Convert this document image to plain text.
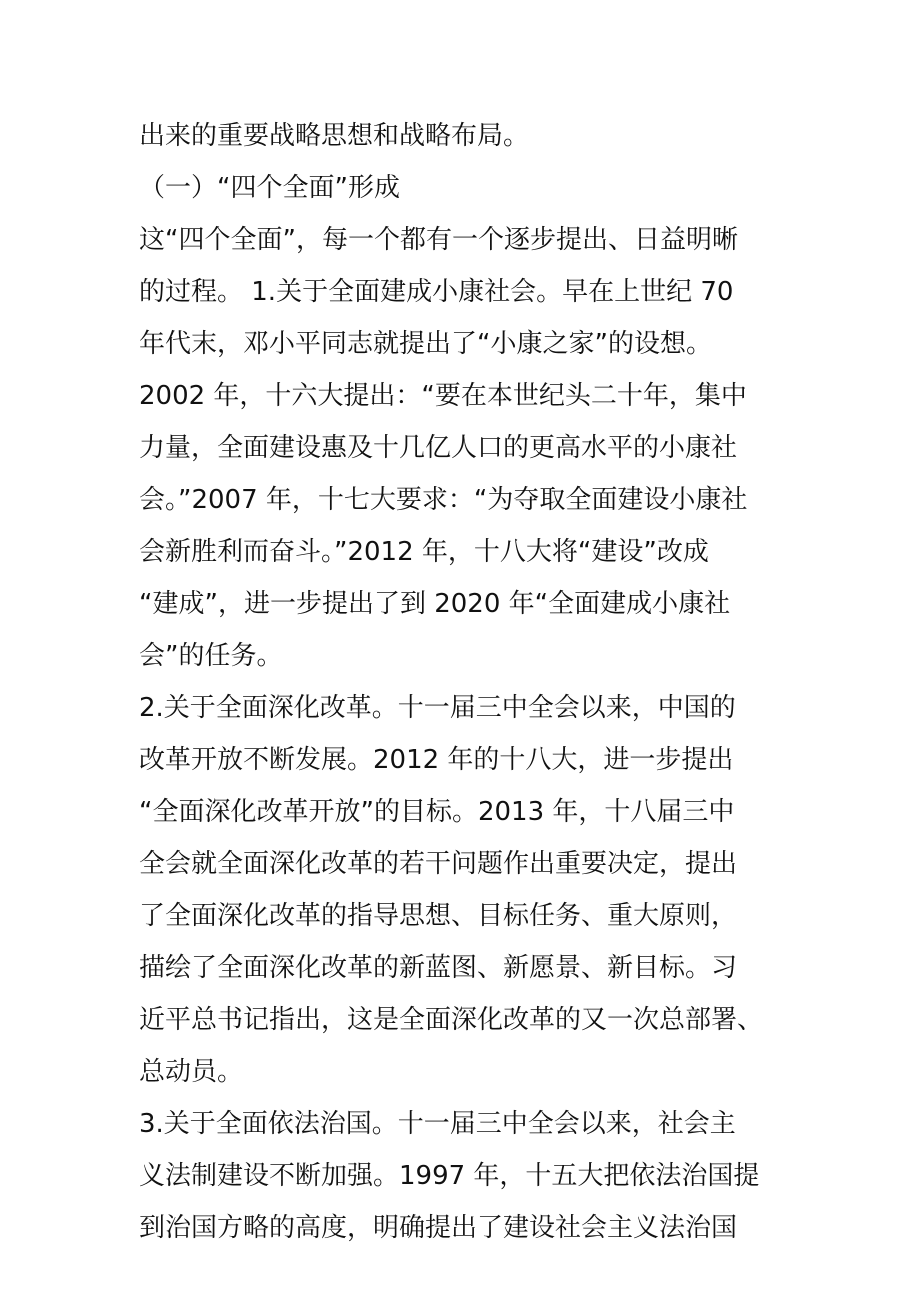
出来的重要战略思想和战略布局。
（一）“四个全面”形成
这“四个全面”，每一个都有一个逐步提出、日益明晰
的过程。 1.关于全面建成小康社会。早在上世纪 70
年代末，邓小平同志就提出了“小康之家”的设想。
2002 年，十六大提出：“要在本世纪头二十年，集中
力量，全面建设惠及十几亿人口的更高水平的小康社
会。”2007 年，十七大要求：“为夺取全面建设小康社
会新胜利而奋斗。”2012 年，十八大将“建设”改成
“建成”，进一步提出了到 2020 年“全面建成小康社
会”的任务。
2.关于全面深化改革。十一届三中全会以来，中国的
改革开放不断发展。2012 年的十八大，进一步提出
“全面深化改革开放”的目标。2013 年，十八届三中
全会就全面深化改革的若干问题作出重要决定，提出
了全面深化改革的指导思想、目标任务、重大原则，
描绘了全面深化改革的新蓝图、新愿景、新目标。习
近平总书记指出，这是全面深化改革的又一次总部署、
总动员。
3.关于全面依法治国。十一届三中全会以来，社会主
义法制建设不断加强。1997 年，十五大把依法治国提
到治国方略的高度，明确提出了建设社会主义法治国
